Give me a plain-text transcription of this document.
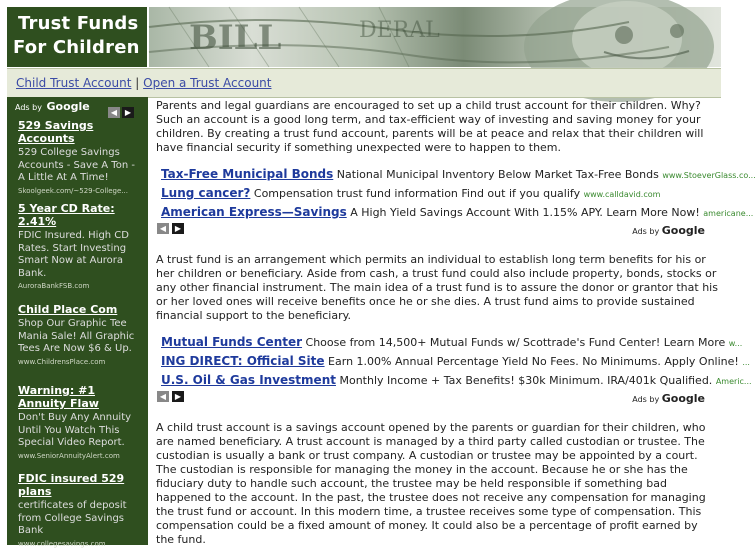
Trust Funds
For Children BILL	DERAL
Child Trust Account | Open a Trust Account
Ads by Google	◀ ▶
529 Savings Accounts
529 College Savings Accounts - Save A Ton - A Little At A Time!
Skoolgeek.com/~529-College...
5 Year CD Rate: 2.41%
FDIC Insured. High CD Rates. Start Investing Smart Now at Aurora Bank.
AuroraBankFSB.com
Child Place Com
Shop Our Graphic Tee Mania Sale! All Graphic Tees Are Now $6 & Up.
www.ChildrensPlace.com
Warning: #1 Annuity Flaw
Don't Buy Any Annuity Until You Watch This Special Video Report.
www.SeniorAnnuityAlert.com
FDIC insured 529 plans
certificates of deposit from College Savings Bank
www.collegesavings.com
Parents and legal guardians are encouraged to set up a child trust account for their children. Why? Such an account is a good long term, and tax-efficient way of investing and saving money for your children. By creating a trust fund account, parents will be at peace and relax that their children will have financial security if something unexpected were to happen to them.
Tax-Free Municipal Bonds National Municipal Inventory Below Market Tax-Free Bonds www.StoeverGlass.co...
Lung cancer? Compensation trust fund information Find out if you qualify www.calldavid.com
American Express—Savings A High Yield Savings Account With 1.15% APY. Learn More Now! americane...
◀	▶	Ads by Google
A trust fund is an arrangement which permits an individual to establish long term benefits for his or her children or beneficiary. Aside from cash, a trust fund could also include property, bonds, stocks or any other financial instrument. The main idea of a trust fund is to assure the donor or grantor that his or her loved ones will receive benefits once he or she dies. A trust fund aims to provide sustained financial support to the beneficiary.
Mutual Funds Center Choose from 14,500+ Mutual Funds w/ Scottrade's Fund Center! Learn More w...
ING DIRECT: Official Site Earn 1.00% Annual Percentage Yield No Fees. No Minimums. Apply Online! ...
U.S. Oil & Gas Investment Monthly Income + Tax Benefits! $30k Minimum. IRA/401k Qualified. Americ...
◀	▶	Ads by Google
A child trust account is a savings account opened by the parents or guardian for their children, who are named beneficiary. A trust account is managed by a third party called custodian or trustee. The custodian is usually a bank or trust company. A custodian or trustee may be appointed by a court. The custodian is responsible for managing the money in the account. Because he or she has the fiduciary duty to handle such account, the trustee may be held responsible if something bad happened to the account. In the past, the trustee does not receive any compensation for managing the trust fund or account. In this modern time, a trustee receives some type of compensation. This compensation could be a fixed amount of money. It could also be a percentage of profit earned by the fund.
